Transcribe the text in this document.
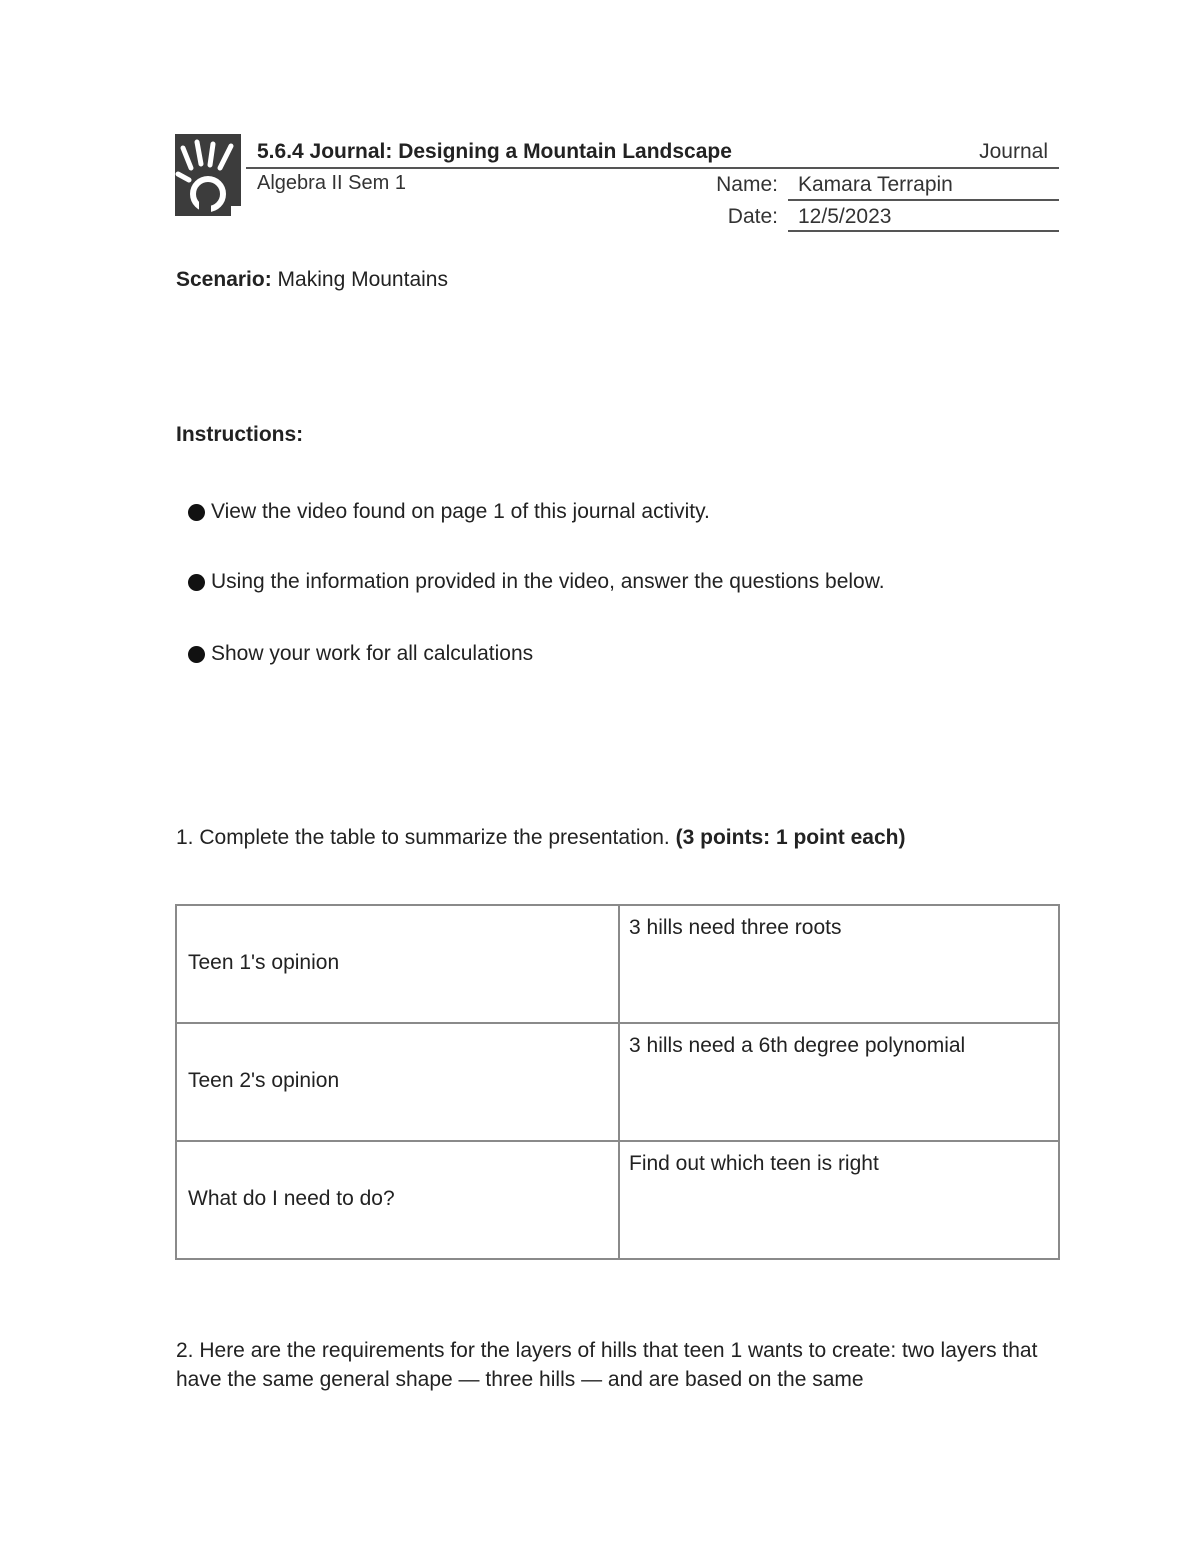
5.6.4 Journal: Designing a Mountain Landscape	Journal
Algebra II Sem 1	Name: Kamara Terrapin
Date: 12/5/2023
Scenario: Making Mountains
Instructions:
View the video found on page 1 of this journal activity.
Using the information provided in the video, answer the questions below.
Show your work for all calculations
1. Complete the table to summarize the presentation. (3 points: 1 point each)
Teen 1's opinion	3 hills need three roots

Teen 2's opinion	3 hills need a 6th degree polynomial

What do I need to do?	Find out which teen is right
2. Here are the requirements for the layers of hills that teen 1 wants to create: two layers that have the same general shape — three hills — and are based on the same
